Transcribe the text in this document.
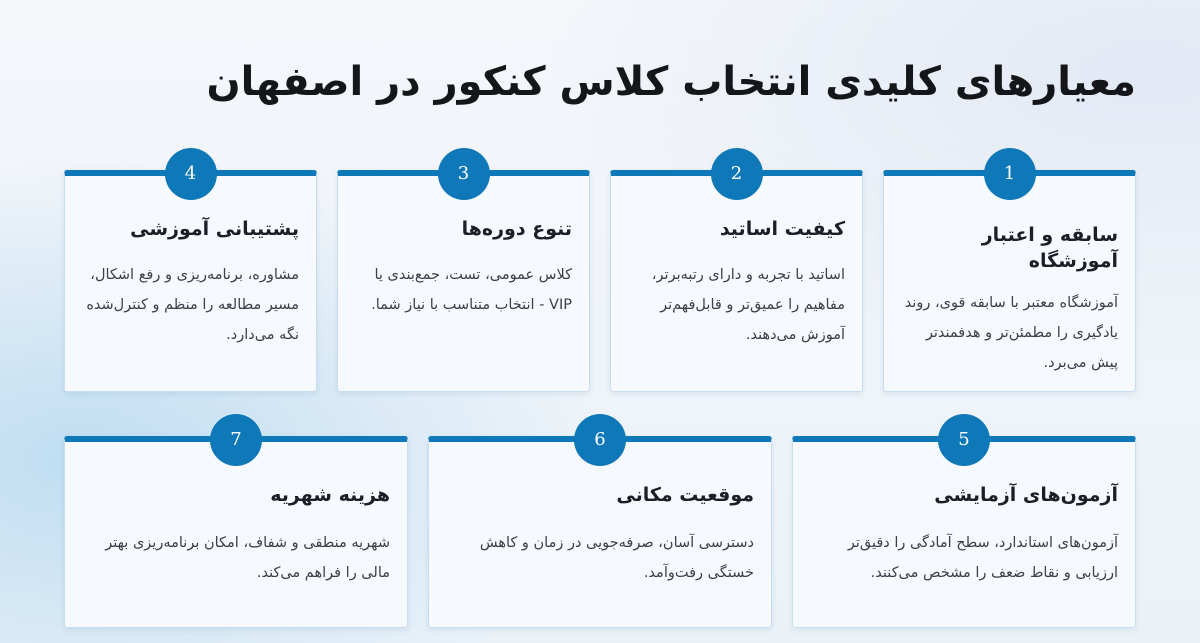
معیارهای کلیدی انتخاب کلاس کنکور در اصفهان
1
سابقه و اعتبار آموزشگاه

آموزشگاه معتبر با سابقه قوی، روند یادگیری را مطمئن‌تر و هدفمندتر پیش می‌برد.

2
کیفیت اساتید

اساتید با تجربه و دارای رتبه‌برتر، مفاهیم را عمیق‌تر و قابل‌فهم‌تر آموزش می‌دهند.

3
تنوع دوره‌ها

کلاس عمومی، تست، جمع‌بندی یا VIP - انتخاب متناسب با نیاز شما.

4
پشتیبانی آموزشی

مشاوره، برنامه‌ریزی و رفع اشکال، مسیر مطالعه را منظم و کنترل‌شده نگه می‌دارد.

5
آزمون‌های آزمایشی

آزمون‌های استاندارد، سطح آمادگی را دقیق‌تر ارزیابی و نقاط ضعف را مشخص می‌کنند.

6
موقعیت مکانی

دسترسی آسان، صرفه‌جویی در زمان و کاهش خستگی رفت‌وآمد.

7
هزینه شهریه

شهریه منطقی و شفاف، امکان برنامه‌ریزی بهتر مالی را فراهم می‌کند.
